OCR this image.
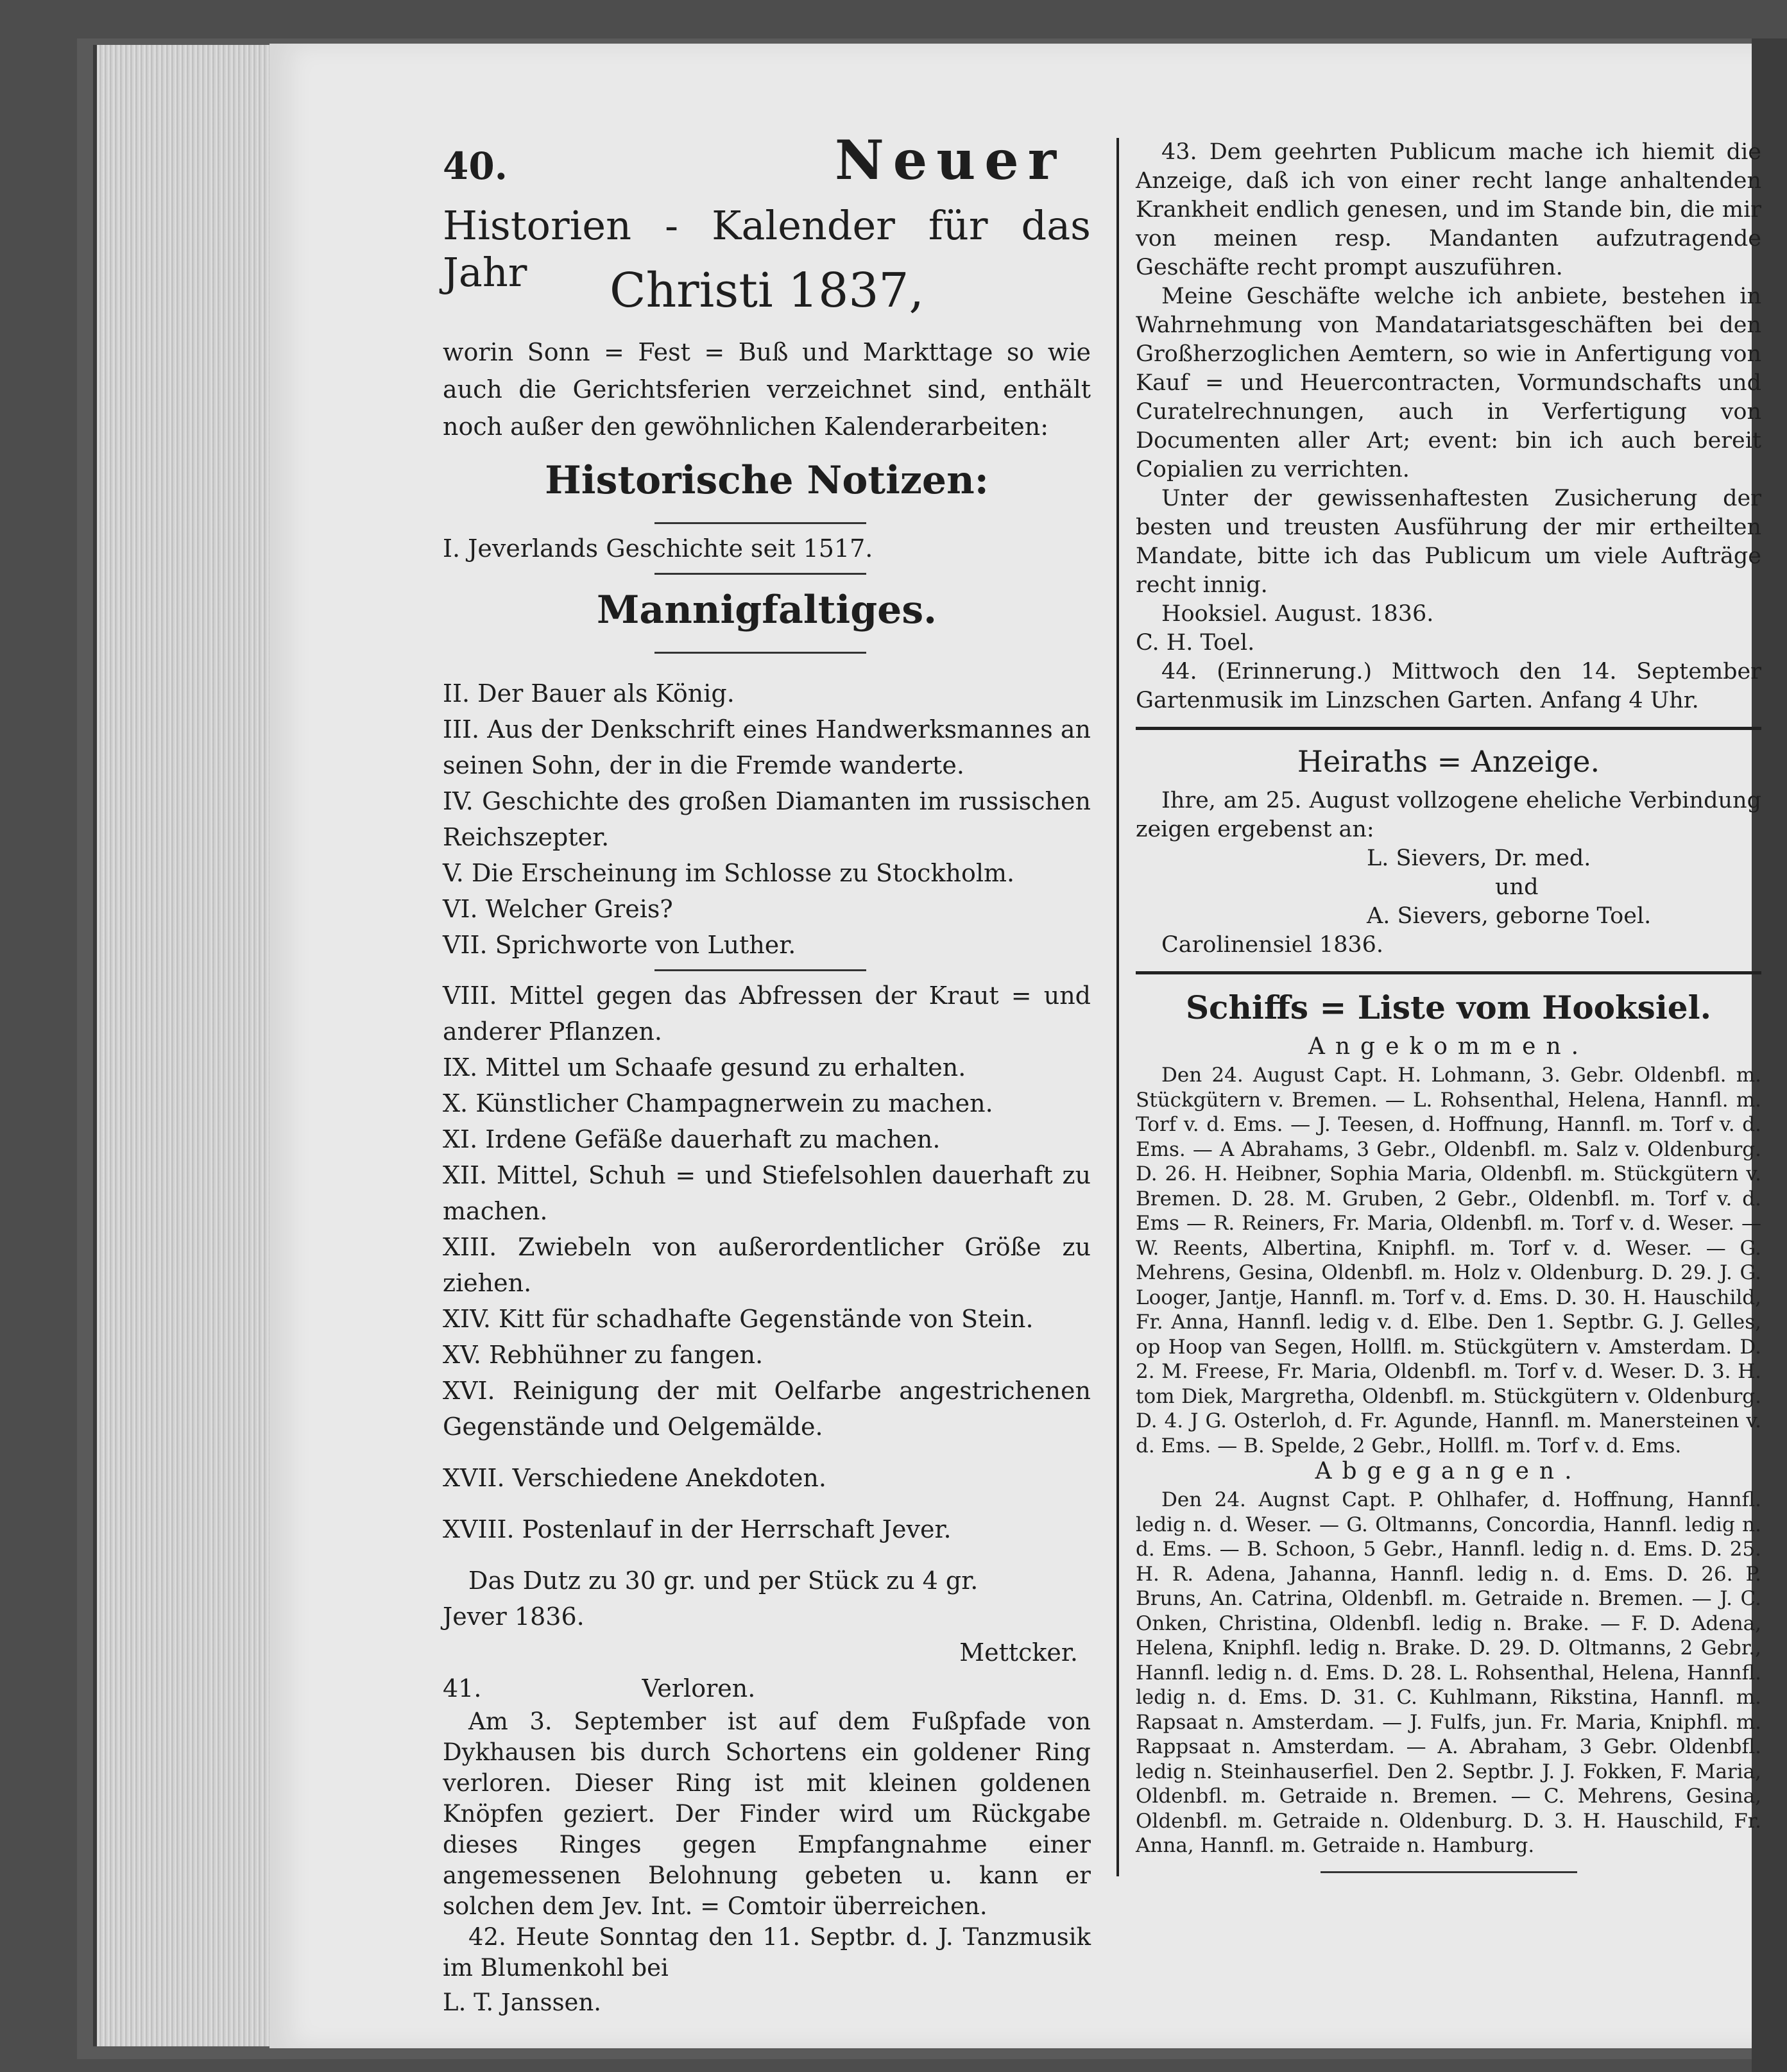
40.	Neuer
Historien - Kalender für das Jahr	Christi 1837,
worin Sonn = Fest = Buß und Markttage so wie auch die Gerichtsferien verzeichnet sind, enthält noch außer den gewöhnlichen Kalenderarbeiten:
Historische Notizen:
I. Jeverlands Geschichte seit 1517.
Mannigfaltiges.
II. Der Bauer als König.
III. Aus der Denkschrift eines Handwerksmannes an seinen Sohn, der in die Fremde wanderte.
IV. Geschichte des großen Diamanten im russischen Reichszepter.
V. Die Erscheinung im Schlosse zu Stockholm.
VI. Welcher Greis?
VII. Sprichworte von Luther.
VIII. Mittel gegen das Abfressen der Kraut = und anderer Pflanzen.
IX. Mittel um Schaafe gesund zu erhalten.
X. Künstlicher Champagnerwein zu machen.
XI. Irdene Gefäße dauerhaft zu machen.
XII. Mittel, Schuh = und Stiefelsohlen dauerhaft zu machen.
XIII. Zwiebeln von außerordentlicher Größe zu ziehen.
XIV. Kitt für schadhafte Gegenstände von Stein.
XV. Rebhühner zu fangen.
XVI. Reinigung der mit Oelfarbe angestrichenen Gegenstände und Oelgemälde.
XVII. Verschiedene Anekdoten.
XVIII. Postenlauf in der Herrschaft Jever.
Das Dutz zu 30 gr. und per Stück zu 4 gr.
Jever 1836.
Mettcker.
41.	Verloren.
Am 3. September ist auf dem Fußpfade von Dykhausen bis durch Schortens ein goldener Ring verloren. Dieser Ring ist mit kleinen goldenen Knöpfen geziert. Der Finder wird um Rückgabe dieses Ringes gegen Empfangnahme einer angemessenen Belohnung gebeten u. kann er solchen dem Jev. Int. = Comtoir überreichen.
42. Heute Sonntag den 11. Septbr. d. J. Tanzmusik im Blumenkohl bei
L. T. Janssen.
43. Dem geehrten Publicum mache ich hiemit die Anzeige, daß ich von einer recht lange anhaltenden Krankheit endlich genesen, und im Stande bin, die mir von meinen resp. Mandanten aufzutragende Geschäfte recht prompt auszuführen.
Meine Geschäfte welche ich anbiete, bestehen in Wahrnehmung von Mandatariatsgeschäften bei den Großherzoglichen Aemtern, so wie in Anfertigung von Kauf = und Heuercontracten, Vormundschafts und Curatelrechnungen, auch in Verfertigung von Documenten aller Art; event: bin ich auch bereit Copialien zu verrichten.
Unter der gewissenhaftesten Zusicherung der besten und treusten Ausführung der mir ertheilten Mandate, bitte ich das Publicum um viele Aufträge recht innig.
Hooksiel. August. 1836.
C. H. Toel.
44. (Erinnerung.) Mittwoch den 14. September Gartenmusik im Linzschen Garten. Anfang 4 Uhr.
Heiraths = Anzeige.
Ihre, am 25. August vollzogene eheliche Verbindung zeigen ergebenst an:
L. Sievers, Dr. med.
und
A. Sievers, geborne Toel.
Carolinensiel 1836.
Schiffs = Liste vom Hooksiel.
Angekommen.
Den 24. August Capt. H. Lohmann, 3. Gebr. Oldenbfl. m. Stückgütern v. Bremen. — L. Rohsenthal, Helena, Hannfl. m. Torf v. d. Ems. — J. Teesen, d. Hoffnung, Hannfl. m. Torf v. d. Ems. — A Abrahams, 3 Gebr., Oldenbfl. m. Salz v. Oldenburg. D. 26. H. Heibner, Sophia Maria, Oldenbfl. m. Stückgütern v. Bremen. D. 28. M. Gruben, 2 Gebr., Oldenbfl. m. Torf v. d. Ems — R. Reiners, Fr. Maria, Oldenbfl. m. Torf v. d. Weser. — W. Reents, Albertina, Kniphfl. m. Torf v. d. Weser. — G. Mehrens, Gesina, Oldenbfl. m. Holz v. Oldenburg. D. 29. J. G. Looger, Jantje, Hannfl. m. Torf v. d. Ems. D. 30. H. Hauschild, Fr. Anna, Hannfl. ledig v. d. Elbe. Den 1. Septbr. G. J. Gelles, op Hoop van Segen, Hollfl. m. Stückgütern v. Amsterdam. D. 2. M. Freese, Fr. Maria, Oldenbfl. m. Torf v. d. Weser. D. 3. H. tom Diek, Margretha, Oldenbfl. m. Stückgütern v. Oldenburg. D. 4. J G. Osterloh, d. Fr. Agunde, Hannfl. m. Manersteinen v. d. Ems. — B. Spelde, 2 Gebr., Hollfl. m. Torf v. d. Ems.
Abgegangen.
Den 24. Augnst Capt. P. Ohlhafer, d. Hoffnung, Hannfl. ledig n. d. Weser. — G. Oltmanns, Concordia, Hannfl. ledig n. d. Ems. — B. Schoon, 5 Gebr., Hannfl. ledig n. d. Ems. D. 25. H. R. Adena, Jahanna, Hannfl. ledig n. d. Ems. D. 26. P. Bruns, An. Catrina, Oldenbfl. m. Getraide n. Bremen. — J. C. Onken, Christina, Oldenbfl. ledig n. Brake. — F. D. Adena, Helena, Kniphfl. ledig n. Brake. D. 29. D. Oltmanns, 2 Gebr., Hannfl. ledig n. d. Ems. D. 28. L. Rohsenthal, Helena, Hannfl. ledig n. d. Ems. D. 31. C. Kuhlmann, Rikstina, Hannfl. m. Rapsaat n. Amsterdam. — J. Fulfs, jun. Fr. Maria, Kniphfl. m. Rappsaat n. Amsterdam. — A. Abraham, 3 Gebr. Oldenbfl. ledig n. Steinhauserfiel. Den 2. Septbr. J. J. Fokken, F. Maria, Oldenbfl. m. Getraide n. Bremen. — C. Mehrens, Gesina, Oldenbfl. m. Getraide n. Oldenburg. D. 3. H. Hauschild, Fr. Anna, Hannfl. m. Getraide n. Hamburg.
